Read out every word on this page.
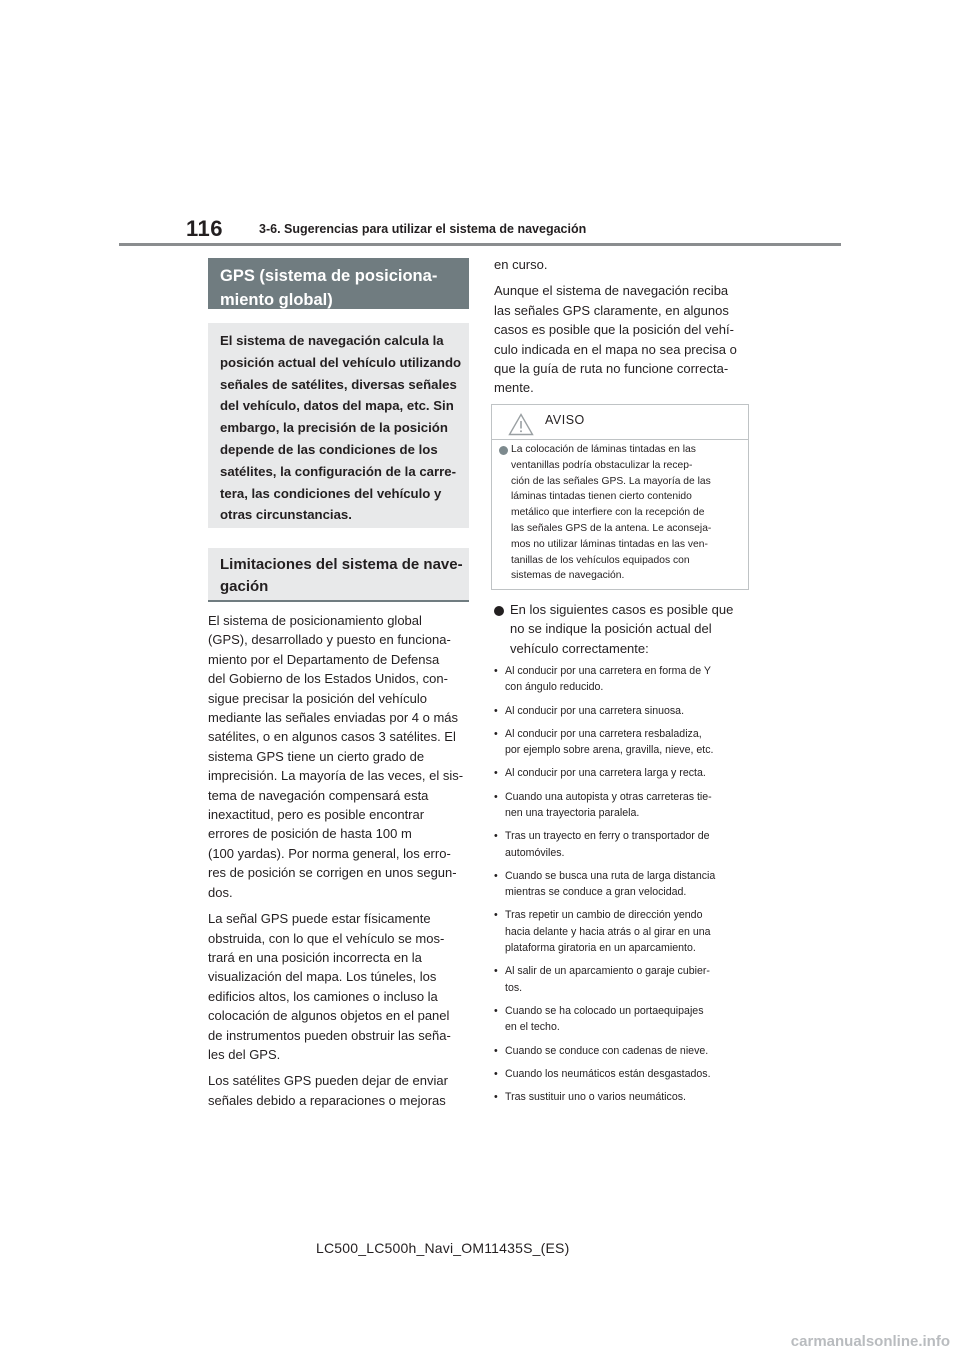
116	3-6. Sugerencias para utilizar el sistema de navegación
GPS (sistema de posiciona-
miento global)
El sistema de navegación calcula la
posición actual del vehículo utilizando
señales de satélites, diversas señales
del vehículo, datos del mapa, etc. Sin
embargo, la precisión de la posición
depende de las condiciones de los
satélites, la configuración de la carre-
tera, las condiciones del vehículo y
otras circunstancias.
Limitaciones del sistema de nave-
gación
El sistema de posicionamiento global
(GPS), desarrollado y puesto en funciona-
miento por el Departamento de Defensa
del Gobierno de los Estados Unidos, con-
sigue precisar la posición del vehículo
mediante las señales enviadas por 4 o más
satélites, o en algunos casos 3 satélites. El
sistema GPS tiene un cierto grado de
imprecisión. La mayoría de las veces, el sis-
tema de navegación compensará esta
inexactitud, pero es posible encontrar
errores de posición de hasta 100 m
(100 yardas). Por norma general, los erro-
res de posición se corrigen en unos segun-
dos.
La señal GPS puede estar físicamente
obstruida, con lo que el vehículo se mos-
trará en una posición incorrecta en la
visualización del mapa. Los túneles, los
edificios altos, los camiones o incluso la
colocación de algunos objetos en el panel
de instrumentos pueden obstruir las seña-
les del GPS.
Los satélites GPS pueden dejar de enviar
señales debido a reparaciones o mejoras
en curso.
Aunque el sistema de navegación reciba
las señales GPS claramente, en algunos
casos es posible que la posición del vehí-
culo indicada en el mapa no sea precisa o
que la guía de ruta no funcione correcta-
mente.
AVISO
La colocación de láminas tintadas en las
ventanillas podría obstaculizar la recep-
ción de las señales GPS. La mayoría de las
láminas tintadas tienen cierto contenido
metálico que interfiere con la recepción de
las señales GPS de la antena. Le aconseja-
mos no utilizar láminas tintadas en las ven-
tanillas de los vehículos equipados con
sistemas de navegación.
En los siguientes casos es posible que
no se indique la posición actual del
vehículo correctamente:
• Al conducir por una carretera en forma de Y
con ángulo reducido.
• Al conducir por una carretera sinuosa.
• Al conducir por una carretera resbaladiza,
por ejemplo sobre arena, gravilla, nieve, etc.
• Al conducir por una carretera larga y recta.
• Cuando una autopista y otras carreteras tie-
nen una trayectoria paralela.
• Tras un trayecto en ferry o transportador de
automóviles.
• Cuando se busca una ruta de larga distancia
mientras se conduce a gran velocidad.
• Tras repetir un cambio de dirección yendo
hacia delante y hacia atrás o al girar en una
plataforma giratoria en un aparcamiento.
• Al salir de un aparcamiento o garaje cubier-
tos.
• Cuando se ha colocado un portaequipajes
en el techo.
• Cuando se conduce con cadenas de nieve.
• Cuando los neumáticos están desgastados.
• Tras sustituir uno o varios neumáticos.
LC500_LC500h_Navi_OM11435S_(ES)
carmanualsonline.info
